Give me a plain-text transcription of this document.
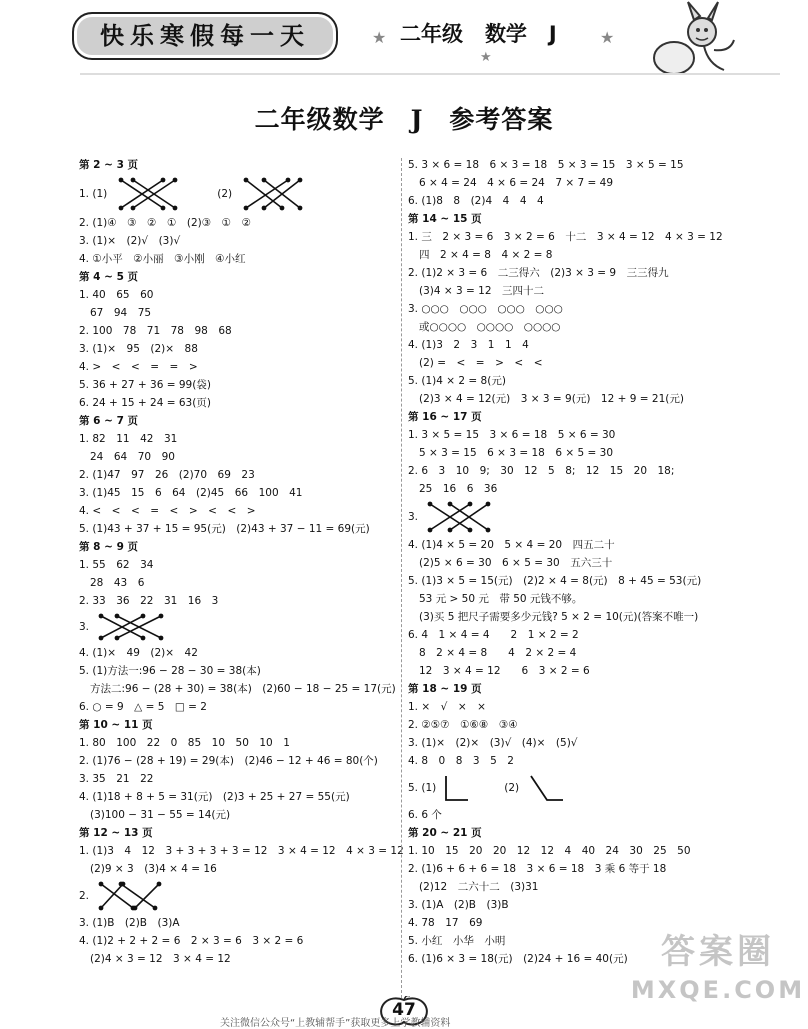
快乐寒假每一天	★
★
★
二年级 数学 J
二年级数学　J　参考答案
第 2 ~ 3 页
1. (1)	(2)
2. (1)④　③　②　①　(2)③　①　②
3. (1)×　(2)√　(3)√
4. ①小平　②小丽　③小刚　④小红
第 4 ~ 5 页
1. 40　65　60
67　94　75
2. 100　78　71　78　98　68
3. (1)×　95　(2)×　88
4. >　<　<　=　=　>
5. 36 + 27 + 36 = 99(袋)
6. 24 + 15 + 24 = 63(页)
第 6 ~ 7 页
1. 82　11　42　31
24　64　70　90
2. (1)47　97　26　(2)70　69　23
3. (1)45　15　6　64　(2)45　66　100　41
4. <　<　<　=　<　>　<　<　>
5. (1)43 + 37 + 15 = 95(元)　(2)43 + 37 − 11 = 69(元)
第 8 ~ 9 页
1. 55　62　34
28　43　6
2. 33　36　22　31　16　3
3.
4. (1)×　49　(2)×　42
5. (1)方法一:96 − 28 − 30 = 38(本)
方法二:96 − (28 + 30) = 38(本)　(2)60 − 18 − 25 = 17(元)
6. ○ = 9　△ = 5　□ = 2
第 10 ~ 11 页
1. 80　100　22　0　85　10　50　10　1
2. (1)76 − (28 + 19) = 29(本)　(2)46 − 12 + 46 = 80(个)
3. 35　21　22
4. (1)18 + 8 + 5 = 31(元)　(2)3 + 25 + 27 = 55(元)
(3)100 − 31 − 55 = 14(元)
第 12 ~ 13 页
1. (1)3　4　12　3 + 3 + 3 + 3 = 12　3 × 4 = 12　4 × 3 = 12
(2)9 × 3　(3)4 × 4 = 16
2.
3. (1)B　(2)B　(3)A
4. (1)2 + 2 + 2 = 6　2 × 3 = 6　3 × 2 = 6
(2)4 × 3 = 12　3 × 4 = 12
5. 3 × 6 = 18　6 × 3 = 18　5 × 3 = 15　3 × 5 = 15
6 × 4 = 24　4 × 6 = 24　7 × 7 = 49
6. (1)8　8　(2)4　4　4　4
第 14 ~ 15 页
1. 三　2 × 3 = 6　3 × 2 = 6　十二　3 × 4 = 12　4 × 3 = 12
四　2 × 4 = 8　4 × 2 = 8
2. (1)2 × 3 = 6　二三得六　(2)3 × 3 = 9　三三得九
(3)4 × 3 = 12　三四十二
3. ○○○　○○○　○○○　○○○
或○○○○　○○○○　○○○○
4. (1)3　2　3　1　1　4
(2) =　<　=　>　<　<
5. (1)4 × 2 = 8(元)
(2)3 × 4 = 12(元)　3 × 3 = 9(元)　12 + 9 = 21(元)
第 16 ~ 17 页
1. 3 × 5 = 15　3 × 6 = 18　5 × 6 = 30
5 × 3 = 15　6 × 3 = 18　6 × 5 = 30
2. 6　3　10　9;　30　12　5　8;　12　15　20　18;
25　16　6　36
3.
4. (1)4 × 5 = 20　5 × 4 = 20　四五二十
(2)5 × 6 = 30　6 × 5 = 30　五六三十
5. (1)3 × 5 = 15(元)　(2)2 × 4 = 8(元)　8 + 45 = 53(元)
53 元 > 50 元　带 50 元钱不够。
(3)买 5 把尺子需要多少元钱? 5 × 2 = 10(元)(答案不唯一)
6. 4　1 × 4 = 4　　2　1 × 2 = 2
8　2 × 4 = 8　　4　2 × 2 = 4
12　3 × 4 = 12　　6　3 × 2 = 6
第 18 ~ 19 页
1. ×　√　×　×
2. ②⑤⑦　①⑥⑧　③④
3. (1)×　(2)×　(3)√　(4)×　(5)√
4. 8　0　8　3　5　2
5. (1)	(2)
6. 6 个
第 20 ~ 21 页
1. 10　15　20　20　12　12　4　40　24　30　25　50
2. (1)6 + 6 + 6 = 18　3 × 6 = 18　3 乘 6 等于 18
(2)12　二六十二　(3)31
3. (1)A　(2)B　(3)B
4. 78　17　69
5. 小红　小华　小明
6. (1)6 × 3 = 18(元)　(2)24 + 16 = 40(元)
47
关注微信公众号“上教辅帮手”获取更多上学教辅资料
答案圈
MXQE.COM
